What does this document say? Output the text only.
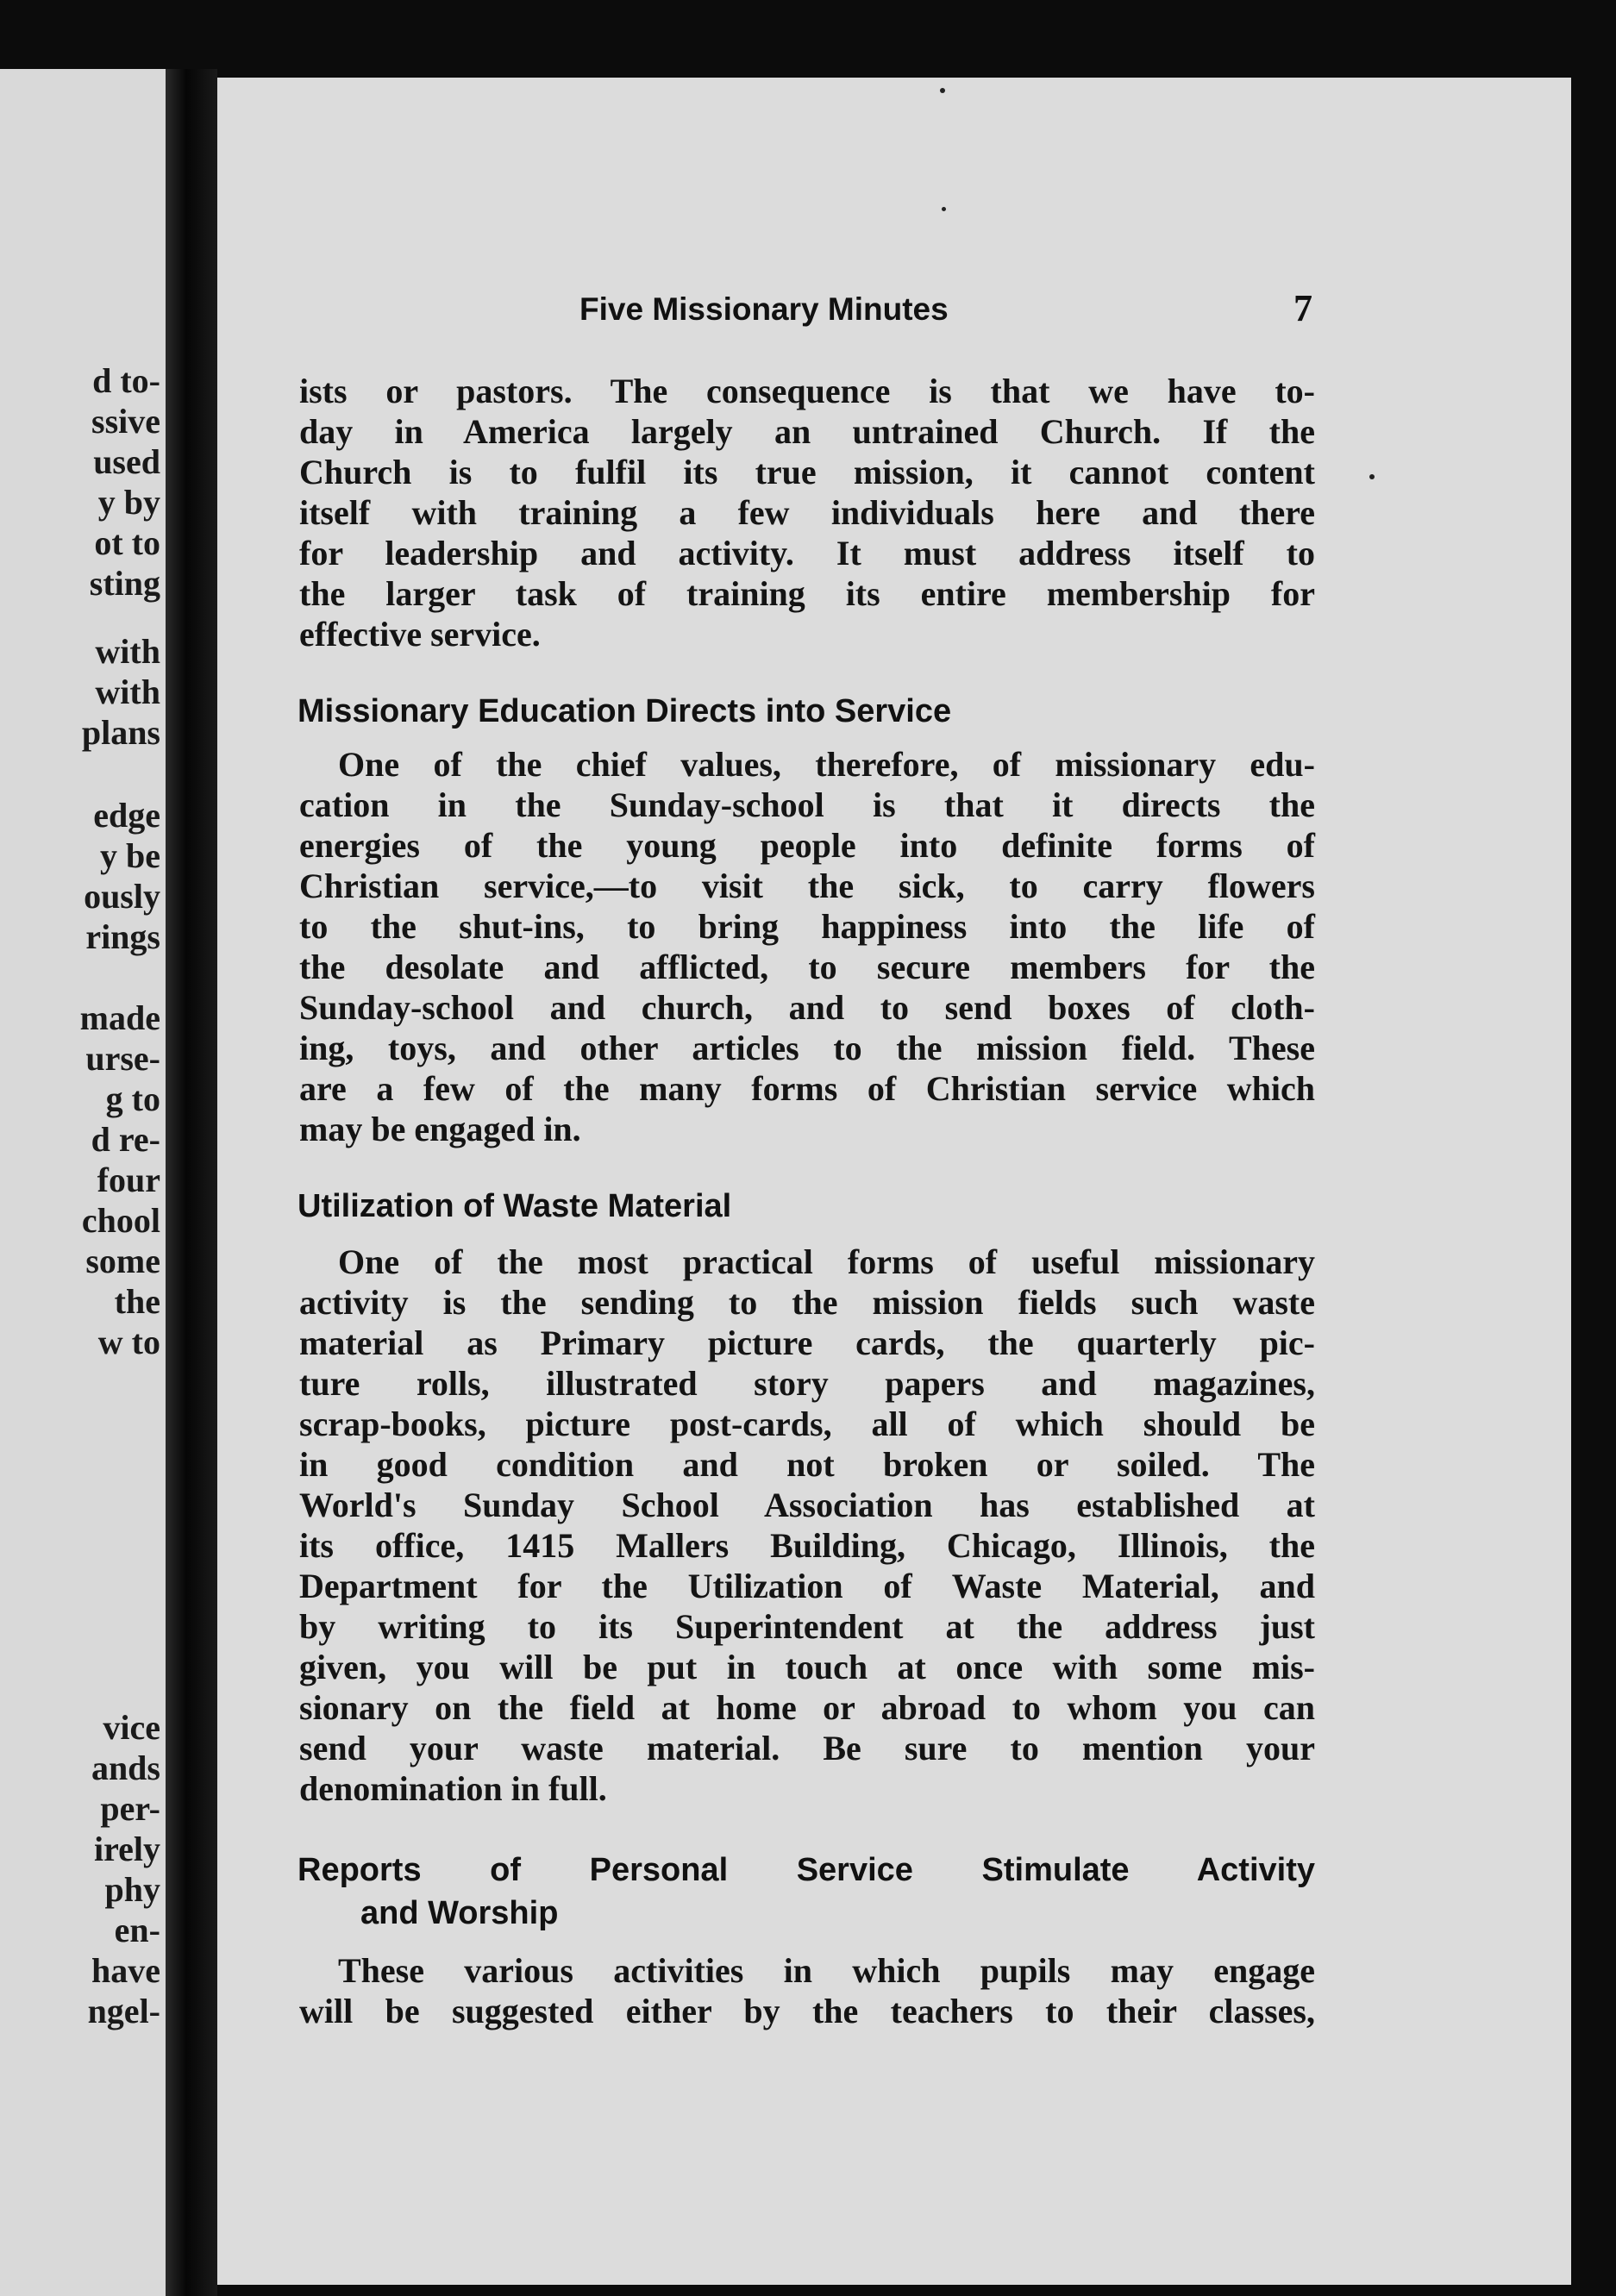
d to-
ssive
used
y by
ot to
sting
with
with
plans
edge
y be
ously
rings
made
urse-
g to
d re-
four
chool
some
the
w to
vice
ands
per-
irely
phy
en-
have
ngel-
Five Missionary Minutes	7
ists or pastors. The consequence is that we have to-
day in America largely an untrained Church. If the
Church is to fulfil its true mission, it cannot content
itself with training a few individuals here and there
for leadership and activity. It must address itself to
the larger task of training its entire membership for
effective service.
Missionary Education Directs into Service
One of the chief values, therefore, of missionary edu-
cation in the Sunday-school is that it directs the
energies of the young people into definite forms of
Christian service,—to visit the sick, to carry flowers
to the shut-ins, to bring happiness into the life of
the desolate and afflicted, to secure members for the
Sunday-school and church, and to send boxes of cloth-
ing, toys, and other articles to the mission field. These
are a few of the many forms of Christian service which
may be engaged in.
Utilization of Waste Material
One of the most practical forms of useful missionary
activity is the sending to the mission fields such waste
material as Primary picture cards, the quarterly pic-
ture rolls, illustrated story papers and magazines,
scrap-books, picture post-cards, all of which should be
in good condition and not broken or soiled. The
World's Sunday School Association has established at
its office, 1415 Mallers Building, Chicago, Illinois, the
Department for the Utilization of Waste Material, and
by writing to its Superintendent at the address just
given, you will be put in touch at once with some mis-
sionary on the field at home or abroad to whom you can
send your waste material. Be sure to mention your
denomination in full.
Reports of Personal Service Stimulate Activity
and Worship
These various activities in which pupils may engage
will be suggested either by the teachers to their classes,
